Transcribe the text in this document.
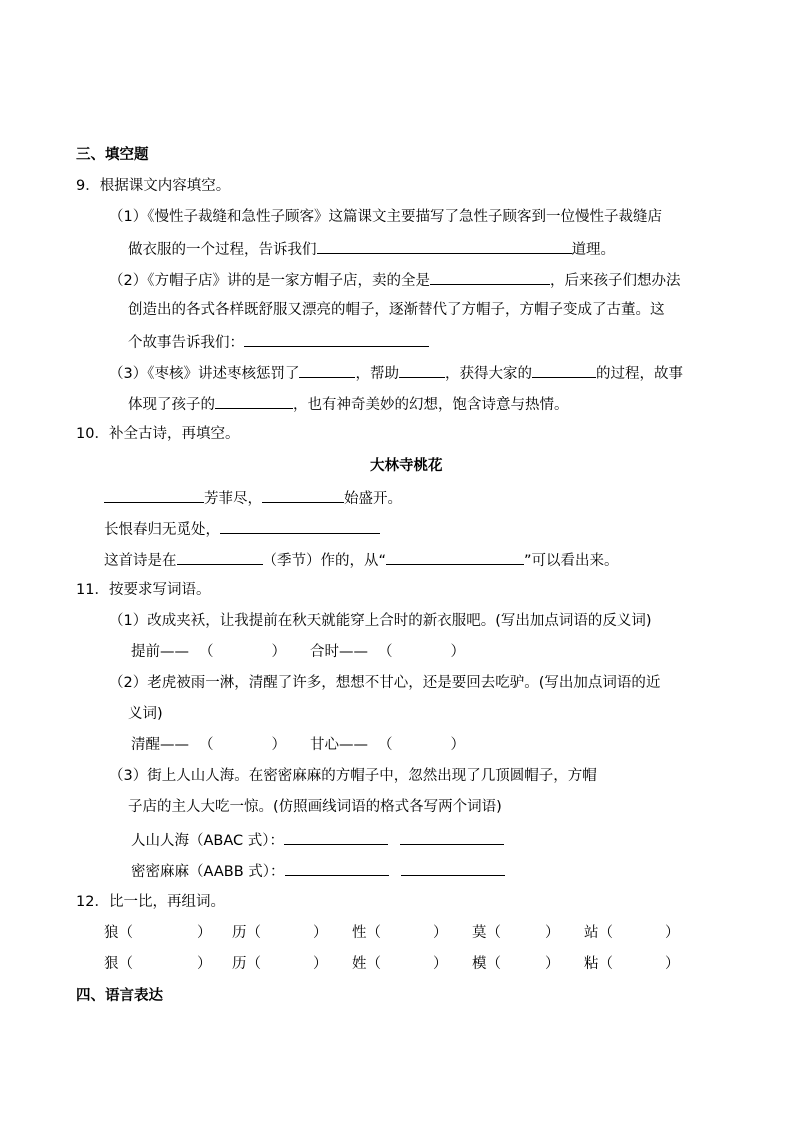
三、填空题
9．根据课文内容填空。
（1）《慢性子裁缝和急性子顾客》这篇课文主要描写了急性子顾客到一位慢性子裁缝店
做衣服的一个过程，告诉我们	道理。
（2）《方帽子店》讲的是一家方帽子店，卖的全是	，后来孩子们想办法
创造出的各式各样既舒服又漂亮的帽子，逐渐替代了方帽子，方帽子变成了古董。这
个故事告诉我们：
（3）《枣核》讲述枣核惩罚了	，帮助	，获得大家的	的过程，故事
体现了孩子的	，也有神奇美妙的幻想，饱含诗意与热情。
10．补全古诗，再填空。
大林寺桃花
芳菲尽，	始盛开。
长恨春归无觅处，
这首诗是在	（季节）作的，从“	”可以看出来。
11．按要求写词语。
（1）改成夹袄，让我提前在秋天就能穿上合时的新衣服吧。(写出加点词语的反义词)
提前—— （	） 合时—— （	）
（2）老虎被雨一淋，清醒了许多，想想不甘心，还是要回去吃驴。(写出加点词语的近
义词)
清醒—— （	） 甘心—— （	）
（3）街上人山人海。在密密麻麻的方帽子中，忽然出现了几顶圆帽子，方帽
子店的主人大吃一惊。(仿照画线词语的格式各写两个词语)
人山人海（ABAC 式）：
密密麻麻（AABB 式）：
12．比一比，再组词。
狼（	） 历（	） 性（	） 莫（	） 站（	）
狠（	） 历（	） 姓（	） 模（	） 粘（	）
四、语言表达
